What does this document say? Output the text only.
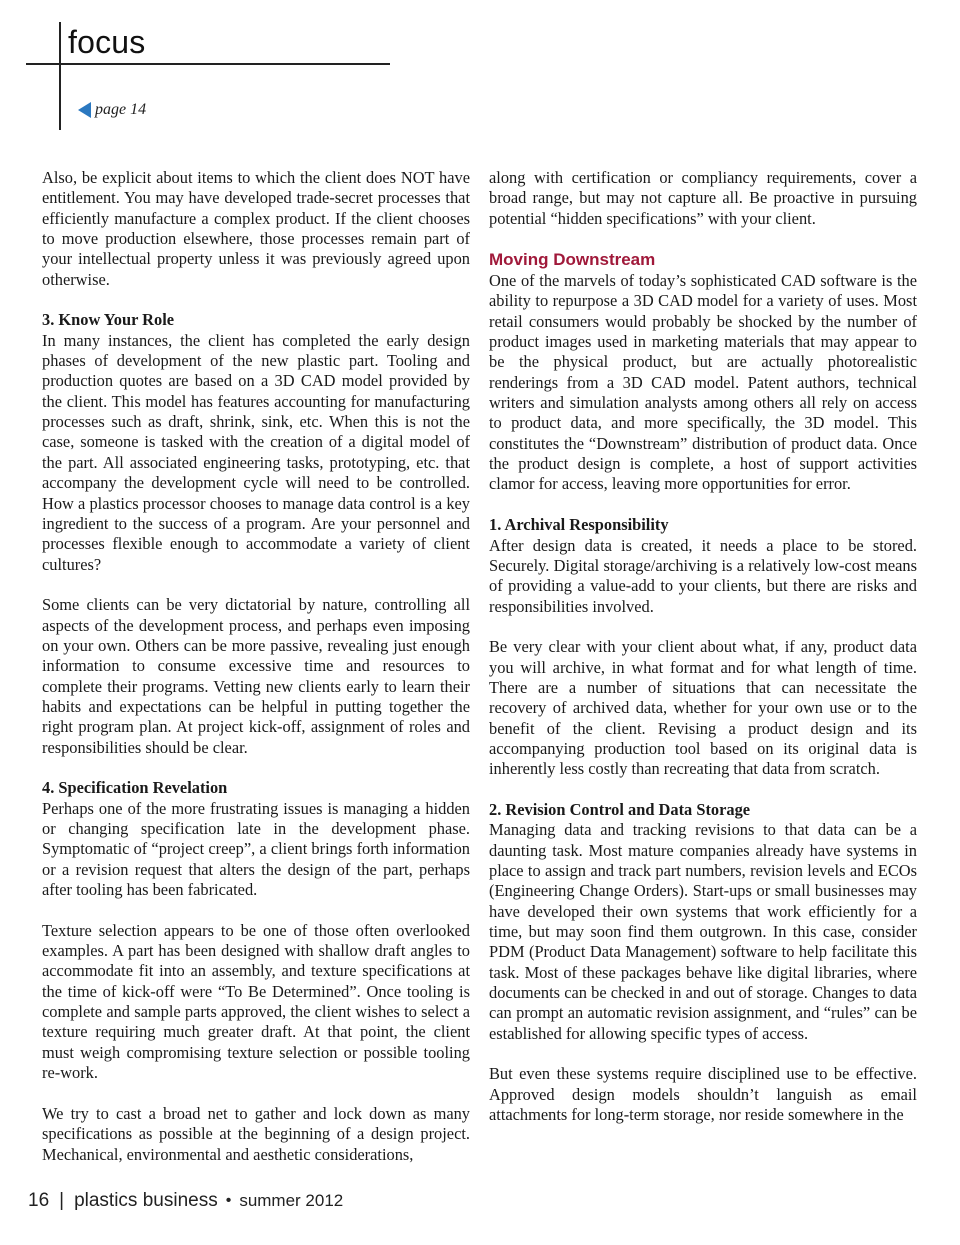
focus
page 14

Also, be explicit about items to which the client does NOT have entitlement. You may have developed trade-secret processes that efficiently manufacture a complex product. If the client chooses to move production elsewhere, those processes remain part of your intellectual property unless it was previously agreed upon otherwise.

3. Know Your Role

In many instances, the client has completed the early design phases of development of the new plastic part. Tooling and production quotes are based on a 3D CAD model provided by the client. This model has features accounting for manufacturing processes such as draft, shrink, sink, etc. When this is not the case, someone is tasked with the creation of a digital model of the part. All associated engineering tasks, prototyping, etc. that accompany the development cycle will need to be controlled. How a plastics processor chooses to manage data control is a key ingredient to the success of a program. Are your personnel and processes flexible enough to accommodate a variety of client cultures?

Some clients can be very dictatorial by nature, controlling all aspects of the development process, and perhaps even imposing on your own. Others can be more passive, revealing just enough information to consume excessive time and resources to complete their programs. Vetting new clients early to learn their habits and expectations can be helpful in putting together the right program plan. At project kick-off, assignment of roles and responsibilities should be clear.

4. Specification Revelation

Perhaps one of the more frustrating issues is managing a hidden or changing specification late in the development phase. Symptomatic of “project creep”, a client brings forth information or a revision request that alters the design of the part, perhaps after tooling has been fabricated.

Texture selection appears to be one of those often overlooked examples. A part has been designed with shallow draft angles to accommodate fit into an assembly, and texture specifications at the time of kick-off were “To Be Determined”. Once tooling is complete and sample parts approved, the client wishes to select a texture requiring much greater draft. At that point, the client must weigh compromising texture selection or possible tooling re-work.

We try to cast a broad net to gather and lock down as many specifications as possible at the beginning of a design project. Mechanical, environmental and aesthetic considerations,

along with certification or compliancy requirements, cover a broad range, but may not capture all. Be proactive in pursuing potential “hidden specifications” with your client.

Moving Downstream

One of the marvels of today’s sophisticated CAD software is the ability to repurpose a 3D CAD model for a variety of uses. Most retail consumers would probably be shocked by the number of product images used in marketing materials that may appear to be the physical product, but are actually photorealistic renderings from a 3D CAD model. Patent authors, technical writers and simulation analysts among others all rely on access to product data, and more specifically, the 3D model. This constitutes the “Downstream” distribution of product data. Once the product design is complete, a host of support activities clamor for access, leaving more opportunities for error.

1. Archival Responsibility

After design data is created, it needs a place to be stored. Securely. Digital storage/archiving is a relatively low-cost means of providing a value-add to your clients, but there are risks and responsibilities involved.

Be very clear with your client about what, if any, product data you will archive, in what format and for what length of time. There are a number of situations that can necessitate the recovery of archived data, whether for your own use or to the benefit of the client. Revising a product design and its accompanying production tool based on its original data is inherently less costly than recreating that data from scratch.

2. Revision Control and Data Storage

Managing data and tracking revisions to that data can be a daunting task. Most mature companies already have systems in place to assign and track part numbers, revision levels and ECOs (Engineering Change Orders). Start-ups or small businesses may have developed their own systems that work efficiently for a time, but may soon find them outgrown. In this case, consider PDM (Product Data Management) software to help facilitate this task. Most of these packages behave like digital libraries, where documents can be checked in and out of storage. Changes to data can prompt an automatic revision assignment, and “rules” can be established for allowing specific types of access.

But even these systems require disciplined use to be effective. Approved design models shouldn’t languish as email attachments for long-term storage, nor reside somewhere in the

16 | plastics business • summer 2012
